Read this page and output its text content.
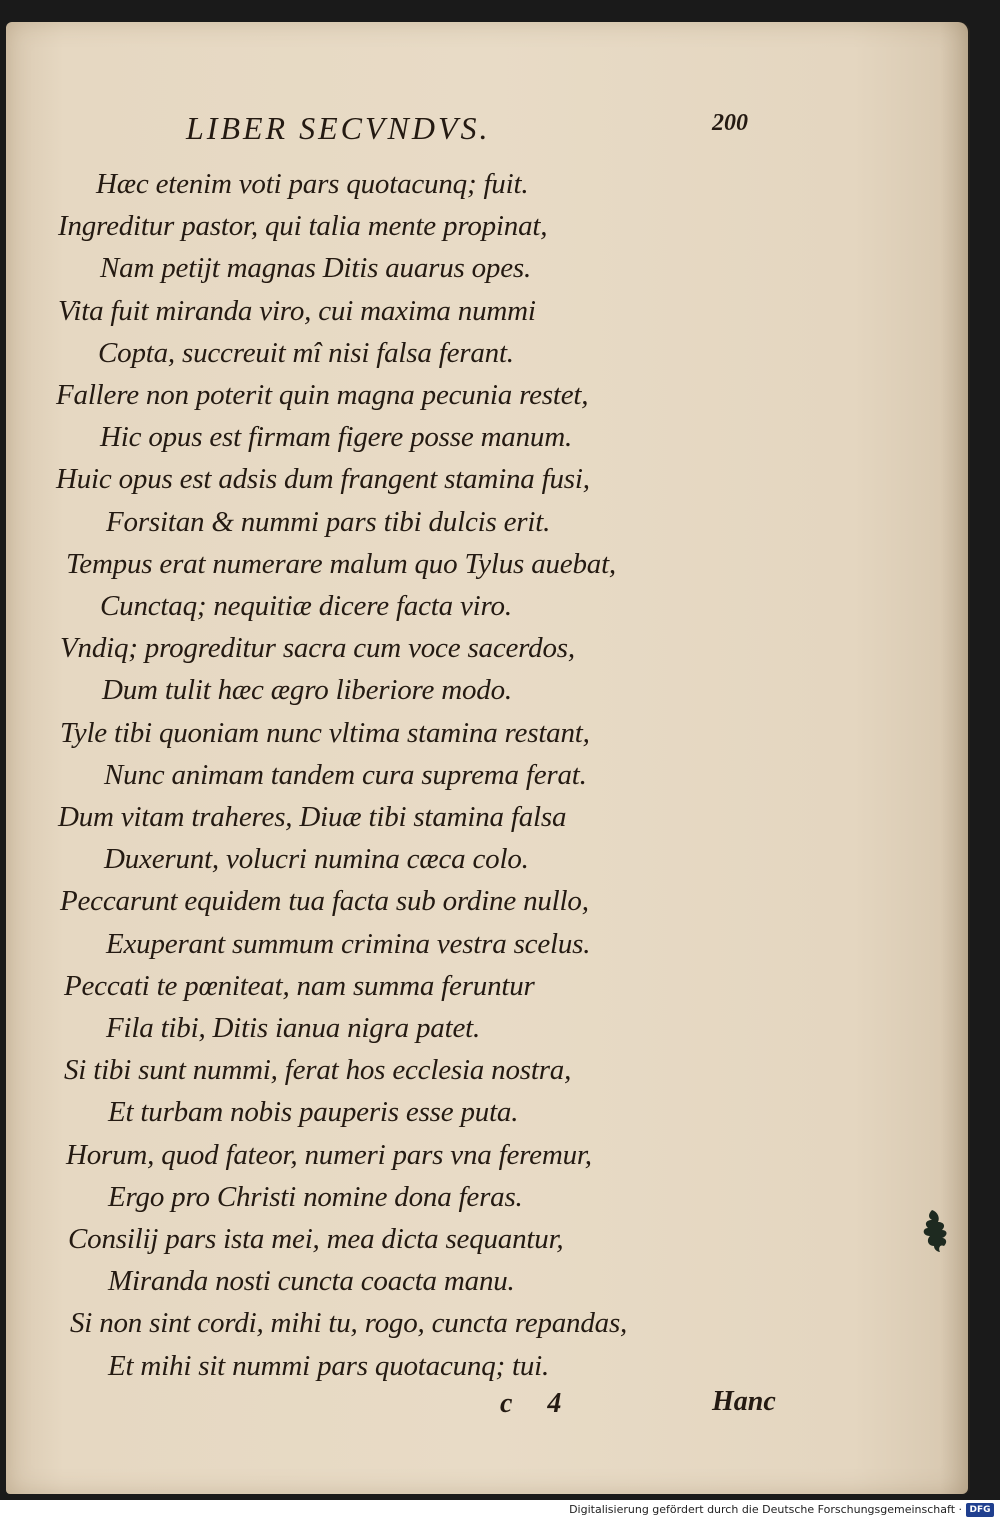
LIBER SECVNDVS.	200
Hæc etenim voti pars quotacunq; fuit.
Ingreditur pastor, qui talia mente propinat,
Nam petijt magnas Ditis auarus opes.
Vita fuit miranda viro, cui maxima nummi
Copta, succreuit mî nisi falsa ferant.
Fallere non poterit quin magna pecunia restet,
Hic opus est firmam figere posse manum.
Huic opus est adsis dum frangent stamina fusi,
Forsitan & nummi pars tibi dulcis erit.
Tempus erat numerare malum quo Tylus auebat,
Cunctaq; nequitiæ dicere facta viro.
Vndiq; progreditur sacra cum voce sacerdos,
Dum tulit hæc ægro liberiore modo.
Tyle tibi quoniam nunc vltima stamina restant,
Nunc animam tandem cura suprema ferat.
Dum vitam traheres, Diuæ tibi stamina falsa
Duxerunt, volucri numina cæca colo.
Peccarunt equidem tua facta sub ordine nullo,
Exuperant summum crimina vestra scelus.
Peccati te pœniteat, nam summa feruntur
Fila tibi, Ditis ianua nigra patet.
Si tibi sunt nummi, ferat hos ecclesia nostra,
Et turbam nobis pauperis esse puta.
Horum, quod fateor, numeri pars vna feremur,
Ergo pro Christi nomine dona feras.
Consilij pars ista mei, mea dicta sequantur,
Miranda nosti cuncta coacta manu.
Si non sint cordi, mihi tu, rogo, cuncta repandas,
Et mihi sit nummi pars quotacunq; tui.
c 4	Hanc
Digitalisierung gefördert durch die Deutsche Forschungsgemeinschaft · DFG
